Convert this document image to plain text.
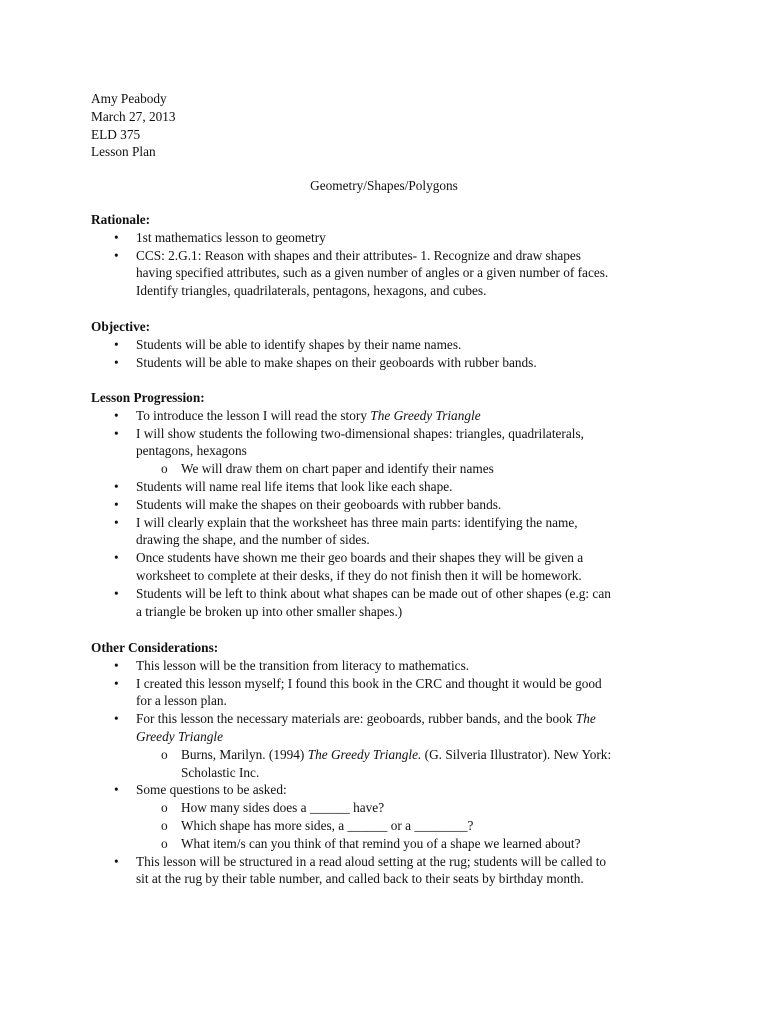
Amy Peabody
March 27, 2013
ELD 375
Lesson Plan
Geometry/Shapes/Polygons
Rationale:
• 1st mathematics lesson to geometry
• CCS: 2.G.1: Reason with shapes and their attributes- 1. Recognize and draw shapes
having specified attributes, such as a given number of angles or a given number of faces.
Identify triangles, quadrilaterals, pentagons, hexagons, and cubes.
Objective:
• Students will be able to identify shapes by their name names.
• Students will be able to make shapes on their geoboards with rubber bands.
Lesson Progression:
• To introduce the lesson I will read the story The Greedy Triangle
• I will show students the following two-dimensional shapes: triangles, quadrilaterals,
pentagons, hexagons
o We will draw them on chart paper and identify their names
• Students will name real life items that look like each shape.
• Students will make the shapes on their geoboards with rubber bands.
• I will clearly explain that the worksheet has three main parts: identifying the name,
drawing the shape, and the number of sides.
• Once students have shown me their geo boards and their shapes they will be given a
worksheet to complete at their desks, if they do not finish then it will be homework.
• Students will be left to think about what shapes can be made out of other shapes (e.g: can
a triangle be broken up into other smaller shapes.)
Other Considerations:
• This lesson will be the transition from literacy to mathematics.
• I created this lesson myself; I found this book in the CRC and thought it would be good
for a lesson plan.
• For this lesson the necessary materials are: geoboards, rubber bands, and the book The
Greedy Triangle
o Burns, Marilyn. (1994) The Greedy Triangle. (G. Silveria Illustrator). New York:
Scholastic Inc.
• Some questions to be asked:
o How many sides does a ______ have?
o Which shape has more sides, a ______ or a ________?
o What item/s can you think of that remind you of a shape we learned about?
• This lesson will be structured in a read aloud setting at the rug; students will be called to
sit at the rug by their table number, and called back to their seats by birthday month.
